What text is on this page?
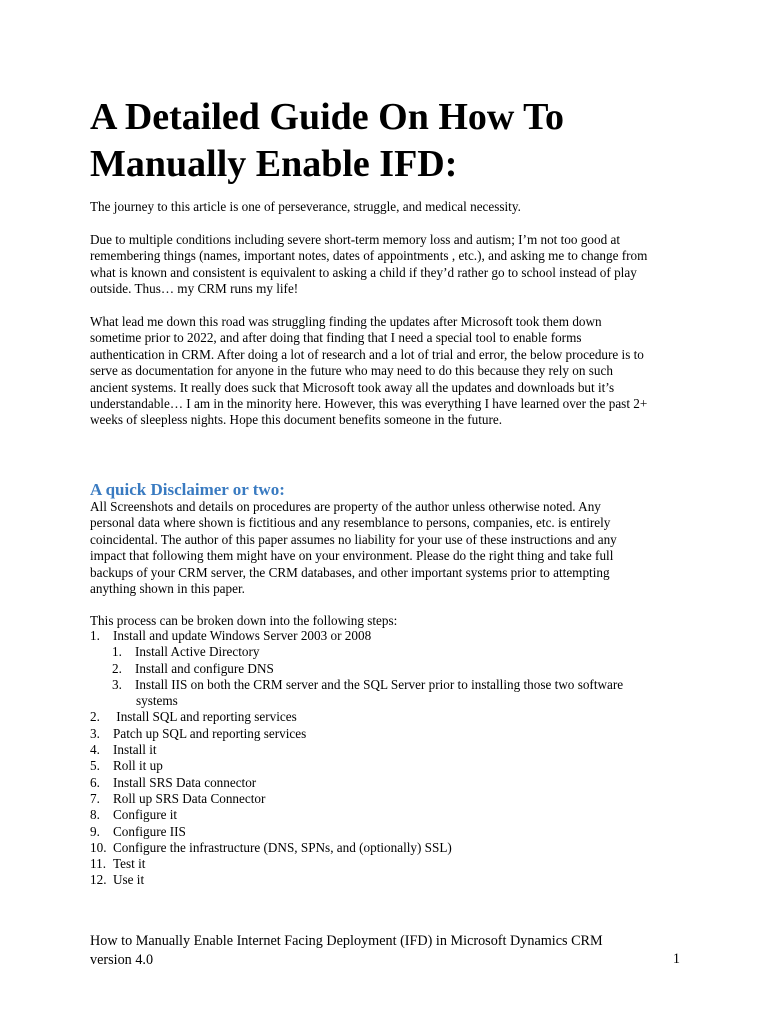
A Detailed Guide On How To
Manually Enable IFD:

The journey to this article is one of perseverance, struggle, and medical necessity.

Due to multiple conditions including severe short-term memory loss and autism; I’m not too good at
remembering things (names, important notes, dates of appointments , etc.), and asking me to change from
what is known and consistent is equivalent to asking a child if they’d rather go to school instead of play
outside. Thus… my CRM runs my life!

What lead me down this road was struggling finding the updates after Microsoft took them down
sometime prior to 2022, and after doing that finding that I need a special tool to enable forms
authentication in CRM. After doing a lot of research and a lot of trial and error, the below procedure is to
serve as documentation for anyone in the future who may need to do this because they rely on such
ancient systems. It really does suck that Microsoft took away all the updates and downloads but it’s
understandable… I am in the minority here. However, this was everything I have learned over the past 2+
weeks of sleepless nights. Hope this document benefits someone in the future.

A quick Disclaimer or two:

All Screenshots and details on procedures are property of the author unless otherwise noted. Any
personal data where shown is fictitious and any resemblance to persons, companies, etc. is entirely
coincidental. The author of this paper assumes no liability for your use of these instructions and any
impact that following them might have on your environment. Please do the right thing and take full
backups of your CRM server, the CRM databases, and other important systems prior to attempting
anything shown in this paper.

This process can be broken down into the following steps:

1. Install and update Windows Server 2003 or 2008
1. Install Active Directory
2. Install and configure DNS
3. Install IIS on both the CRM server and the SQL Server prior to installing those two software
systems
2. Install SQL and reporting services
3. Patch up SQL and reporting services
4. Install it
5. Roll it up
6. Install SRS Data connector
7. Roll up SRS Data Connector
8. Configure it
9. Configure IIS
10. Configure the infrastructure (DNS, SPNs, and (optionally) SSL)
11. Test it
12. Use it
How to Manually Enable Internet Facing Deployment (IFD) in Microsoft Dynamics CRM
version 4.0	1
